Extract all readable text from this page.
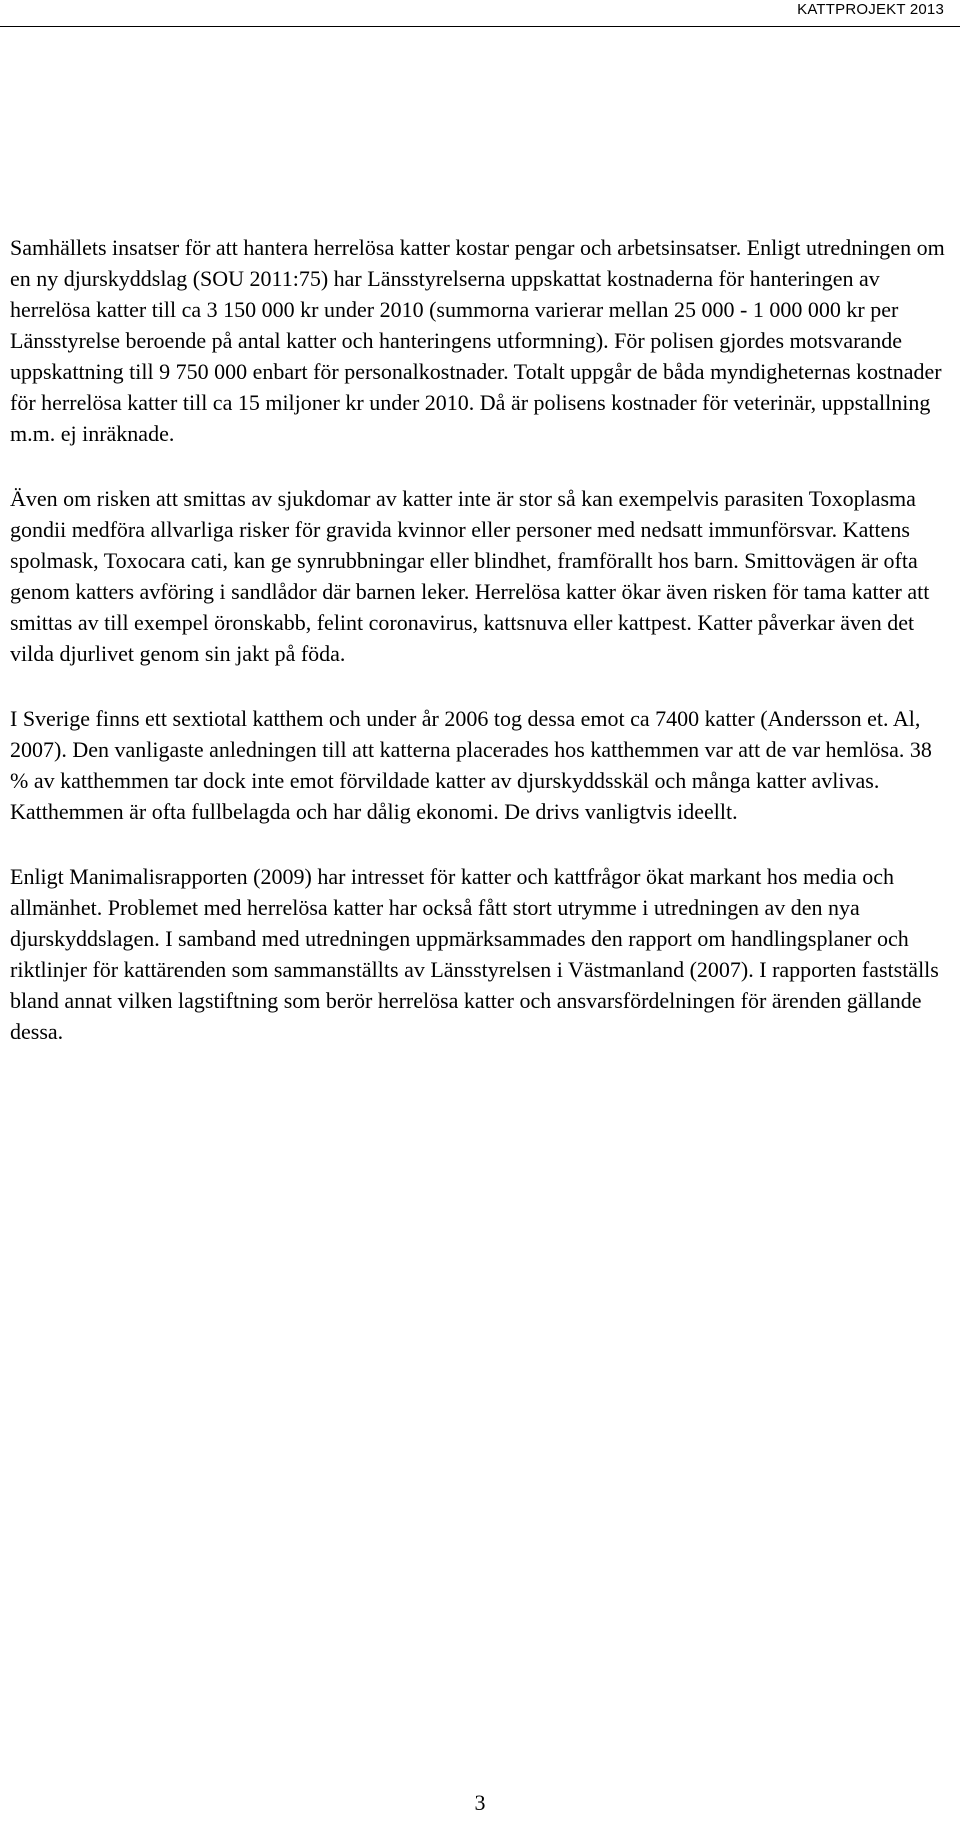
KATTPROJEKT 2013

Samhällets insatser för att hantera herrelösa katter kostar pengar och arbetsinsatser. Enligt utredningen om en ny djurskyddslag (SOU 2011:75) har Länsstyrelserna uppskattat kostnaderna för hanteringen av herrelösa katter till ca 3 150 000 kr under 2010 (summorna varierar mellan 25 000 - 1 000 000 kr per Länsstyrelse beroende på antal katter och hanteringens utformning). För polisen gjordes motsvarande uppskattning till 9 750 000 enbart för personalkostnader. Totalt uppgår de båda myndigheternas kostnader för herrelösa katter till ca 15 miljoner kr under 2010. Då är polisens kostnader för veterinär, uppstallning m.m. ej inräknade.

Även om risken att smittas av sjukdomar av katter inte är stor så kan exempelvis parasiten Toxoplasma gondii medföra allvarliga risker för gravida kvinnor eller personer med nedsatt immunförsvar. Kattens spolmask, Toxocara cati, kan ge synrubbningar eller blindhet, framförallt hos barn. Smittovägen är ofta genom katters avföring i sandlådor där barnen leker. Herrelösa katter ökar även risken för tama katter att smittas av till exempel öronskabb, felint coronavirus, kattsnuva eller kattpest. Katter påverkar även det vilda djurlivet genom sin jakt på föda.

I Sverige finns ett sextiotal katthem och under år 2006 tog dessa emot ca 7400 katter (Andersson et. Al, 2007). Den vanligaste anledningen till att katterna placerades hos katthemmen var att de var hemlösa. 38 % av katthemmen tar dock inte emot förvildade katter av djurskyddsskäl och många katter avlivas. Katthemmen är ofta fullbelagda och har dålig ekonomi. De drivs vanligtvis ideellt.

Enligt Manimalisrapporten (2009) har intresset för katter och kattfrågor ökat markant hos media och allmänhet. Problemet med herrelösa katter har också fått stort utrymme i utredningen av den nya djurskyddslagen. I samband med utredningen uppmärksammades den rapport om handlingsplaner och riktlinjer för kattärenden som sammanställts av Länsstyrelsen i Västmanland (2007). I rapporten fastställs bland annat vilken lagstiftning som berör herrelösa katter och ansvarsfördelningen för ärenden gällande dessa.

3
